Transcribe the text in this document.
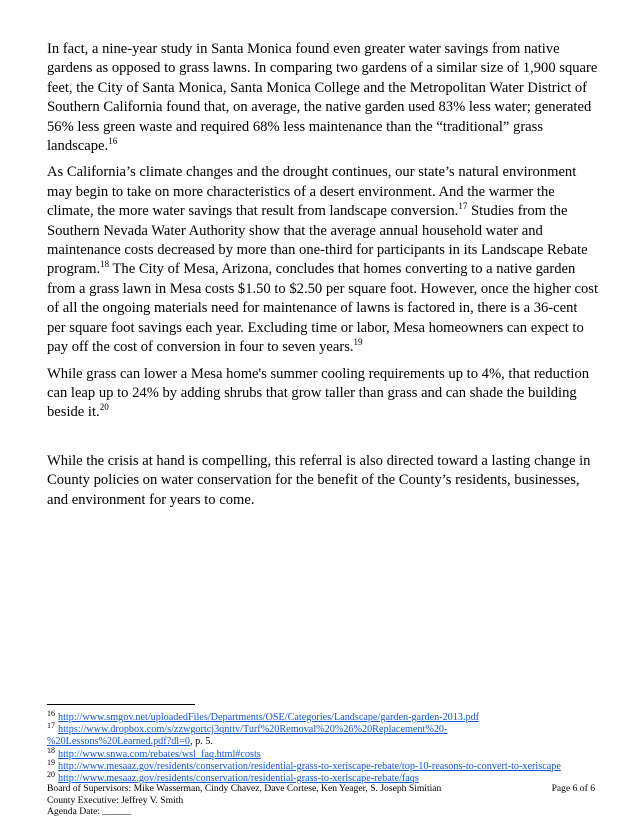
In fact, a nine-year study in Santa Monica found even greater water savings from native gardens as opposed to grass lawns. In comparing two gardens of a similar size of 1,900 square feet, the City of Santa Monica, Santa Monica College and the Metropolitan Water District of Southern California found that, on average, the native garden used 83% less water; generated 56% less green waste and required 68% less maintenance than the “traditional” grass landscape.$^{16}$

As California’s climate changes and the drought continues, our state’s natural environment may begin to take on more characteristics of a desert environment. And the warmer the climate, the more water savings that result from landscape conversion.$^{17}$ Studies from the Southern Nevada Water Authority show that the average annual household water and maintenance costs decreased by more than one-third for participants in its Landscape Rebate program.$^{18}$ The City of Mesa, Arizona, concludes that homes converting to a native garden from a grass lawn in Mesa costs $1.50 to $2.50 per square foot. However, once the higher cost of all the ongoing materials need for maintenance of lawns is factored in, there is a 36-cent per square foot savings each year. Excluding time or labor, Mesa homeowners can expect to pay off the cost of conversion in four to seven years.$^{19}$

While grass can lower a Mesa home's summer cooling requirements up to 4%, that reduction can leap up to 24% by adding shrubs that grow taller than grass and can shade the building beside it.$^{20}$

While the crisis at hand is compelling, this referral is also directed toward a lasting change in County policies on water conservation for the benefit of the County’s residents, businesses, and environment for years to come.

$^{16}$ http://www.smgov.net/uploadedFiles/Departments/OSE/Categories/Landscape/garden-garden-2013.pdf
$^{17}$ https://www.dropbox.com/s/zzwgortcj3qnttv/Turf%20Removal%20%26%20Replacement%20-
%20Lessons%20Learned.pdf?dl=0, p. 5.
$^{18}$ http://www.snwa.com/rebates/wsl_faq.html#costs
$^{19}$ http://www.mesaaz.gov/residents/conservation/residential-grass-to-xeriscape-rebate/top-10-reasons-to-convert-to-xeriscape
$^{20}$ http://www.mesaaz.gov/residents/conservation/residential-grass-to-xeriscape-rebate/faqs
Board of Supervisors: Mike Wasserman, Cindy Chavez, Dave Cortese, Ken Yeager, S. Joseph Simitian
County Executive: Jeffrey V. Smith
Agenda Date: ______
Page 6 of 6
